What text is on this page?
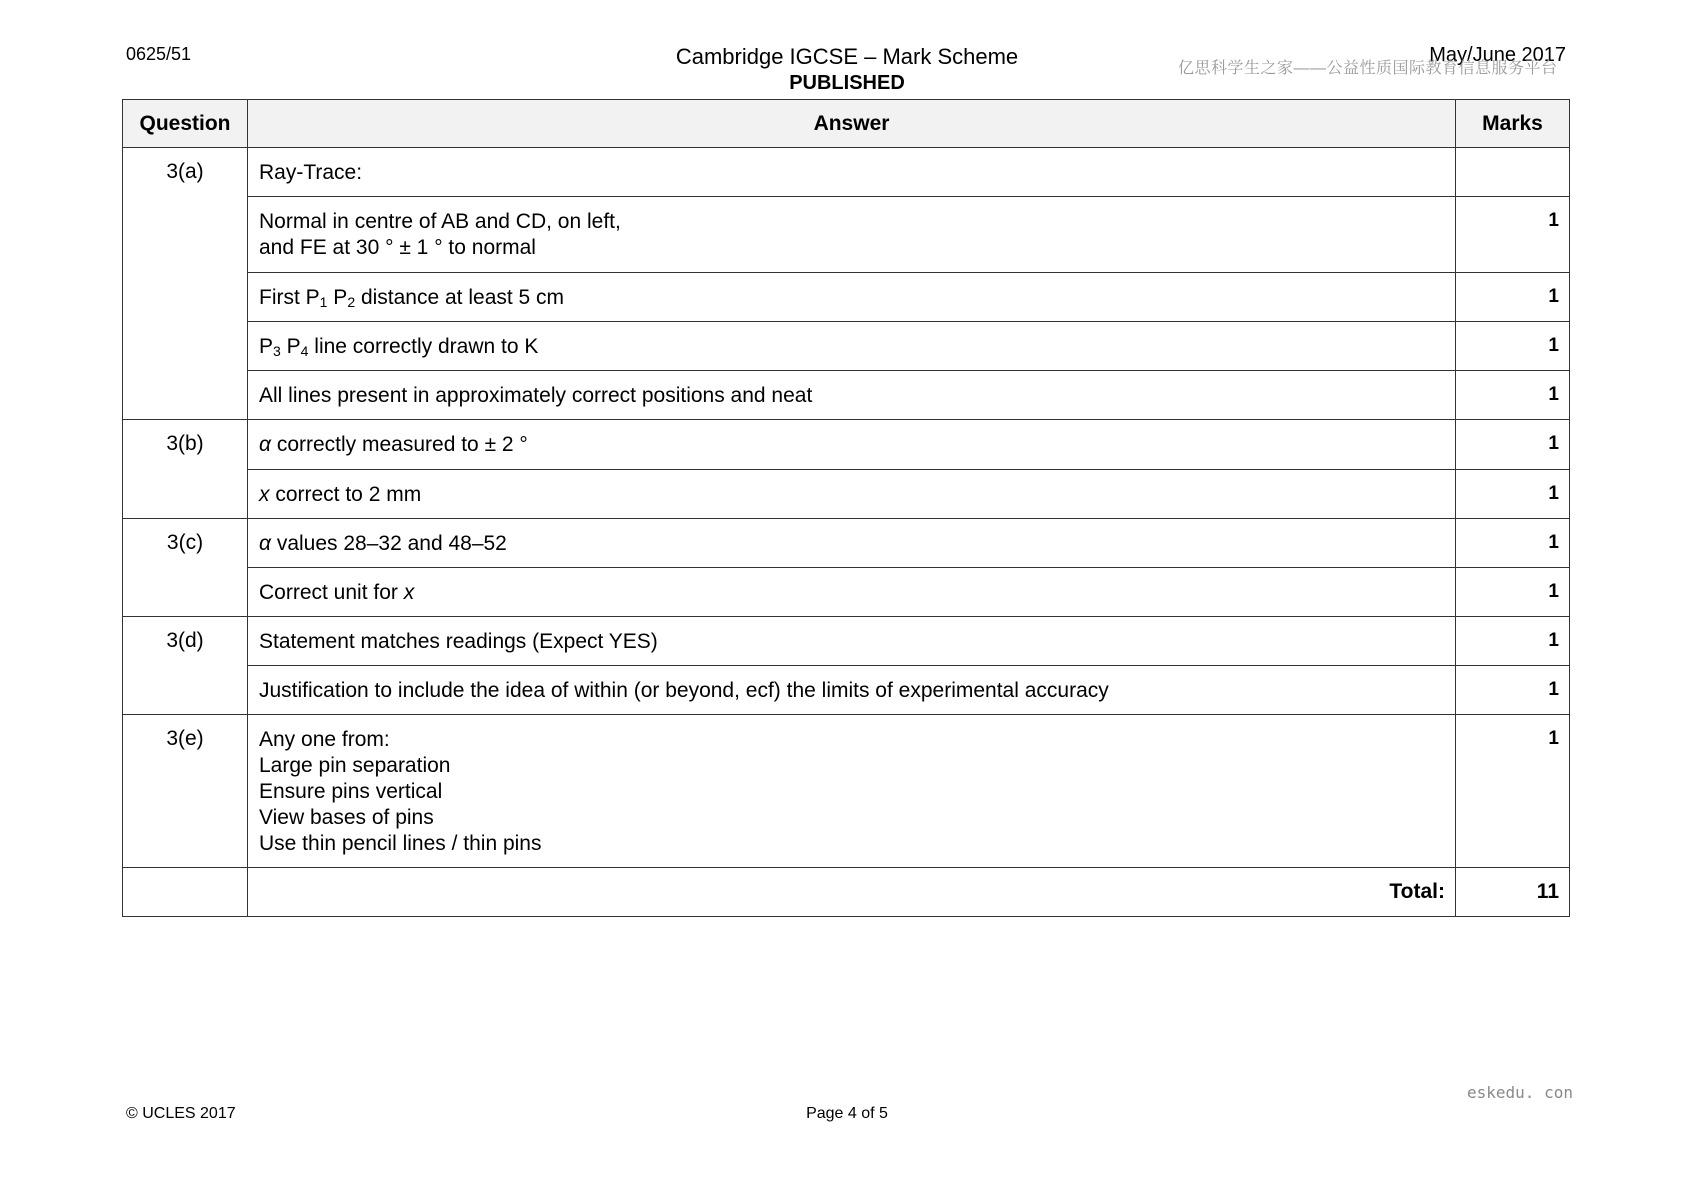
0625/51	Cambridge IGCSE – Mark Scheme
PUBLISHED
May/June 2017
亿思科学生之家——公益性质国际教育信息服务平台
Question	Answer	Marks
3(a)	Ray-Trace:	

	Normal in centre of AB and CD, on left,
and FE at 30 ° ± 1 ° to normal	1
	First $P_1$ $P_2$ distance at least 5 cm	1
	$P_3$ $P_4$ line correctly drawn to K	1
	All lines present in approximately correct positions and neat	1
3(b)	α correctly measured to ± 2 °	1
	x correct to 2 mm	1
3(c)	α values 28–32 and 48–52	1
	Correct unit for x	1
3(d)	Statement matches readings (Expect YES)	1
	Justification to include the idea of within (or beyond, ecf) the limits of experimental accuracy	1
3(e)	Any one from:
Large pin separation
Ensure pins vertical
View bases of pins
Use thin pencil lines / thin pins	1
	Total:	11
eskedu. con
© UCLES 2017	Page 4 of 5
